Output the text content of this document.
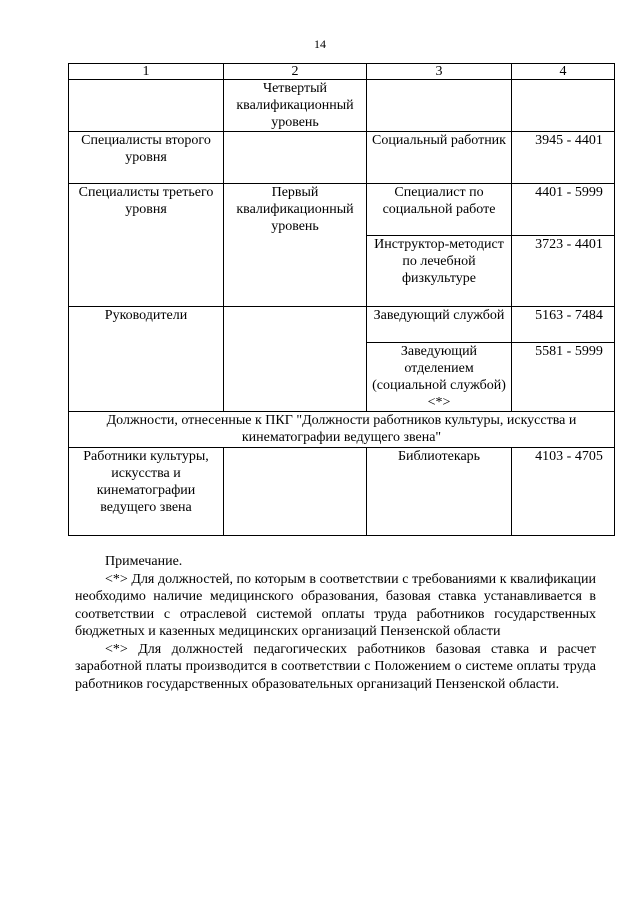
14
1	2	3	4
	Четвертый квалификационный уровень		
Специалисты второго уровня		Социальный работник	3945 - 4401
Специалисты третьего уровня	Первый квалификационный уровень	Специалист по социальной работе	4401 - 5999
		Инструктор-методист по лечебной физкультуре	3723 - 4401
Руководители		Заведующий службой	5163 - 7484
		Заведующий отделением (социальной службой) <*>	5581 - 5999
Должности, отнесенные к ПКГ "Должности работников культуры, искусства и кинематографии ведущего звена"			
Работники культуры, искусства и кинематографии ведущего звена		Библиотекарь	4103 - 4705

Примечание.

<*> Для должностей, по которым в соответствии с требованиями к квалификации необходимо наличие медицинского образования, базовая ставка устанавливается в соответствии с отраслевой системой оплаты труда работников государственных бюджетных и казенных медицинских организаций Пензенской области

<*> Для должностей педагогических работников базовая ставка и расчет заработной платы производится в соответствии с Положением о системе оплаты труда работников государственных образовательных организаций Пензенской области.
